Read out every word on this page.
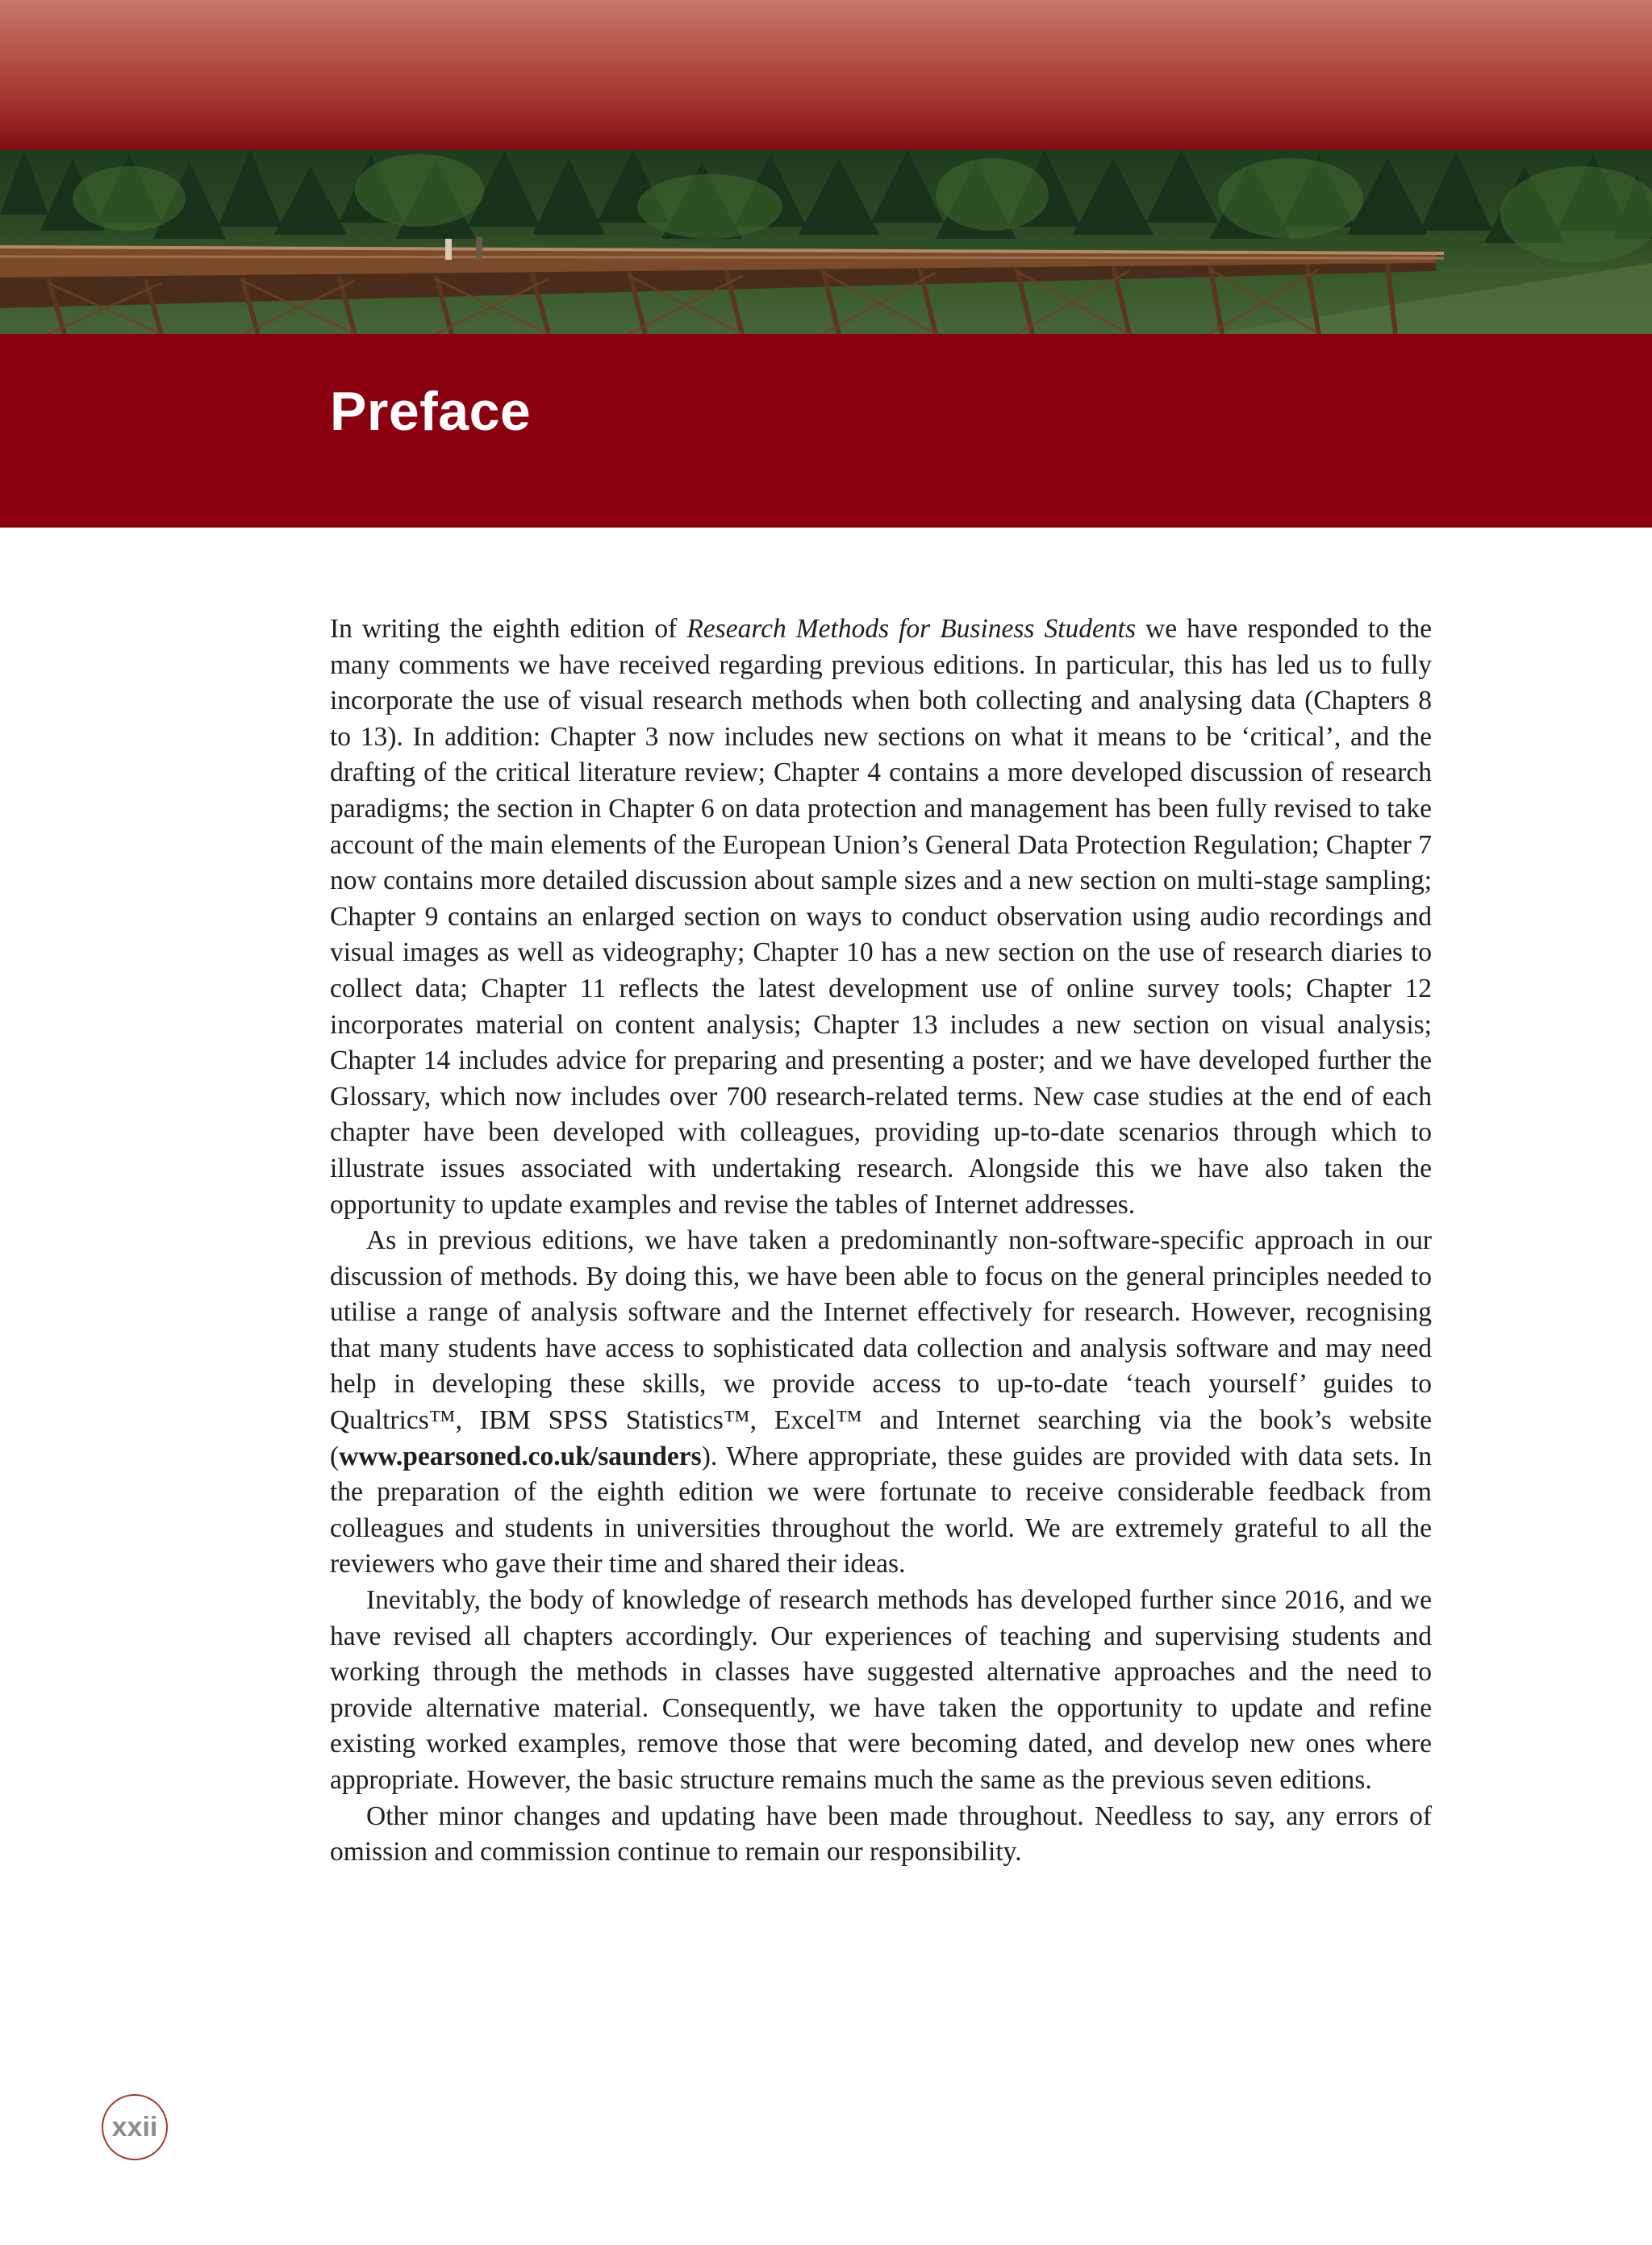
Preface

In writing the eighth edition of Research Methods for Business Students we have responded to the many comments we have received regarding previous editions. In particular, this has led us to fully incorporate the use of visual research methods when both collecting and analysing data (Chapters 8 to 13). In addition: Chapter 3 now includes new sections on what it means to be ‘critical’, and the drafting of the critical literature review; Chapter 4 contains a more developed discussion of research paradigms; the section in Chapter 6 on data protection and management has been fully revised to take account of the main elements of the European Union’s General Data Protection Regulation; Chapter 7 now contains more detailed discussion about sample sizes and a new section on multi-stage sampling; Chapter 9 contains an enlarged section on ways to conduct observation using audio recordings and visual images as well as videography; Chapter 10 has a new section on the use of research diaries to collect data; Chapter 11 reflects the latest development use of online survey tools; Chapter 12 incorporates material on content analysis; Chapter 13 includes a new section on visual analysis; Chapter 14 includes advice for preparing and presenting a poster; and we have developed further the Glossary, which now includes over 700 research-related terms. New case studies at the end of each chapter have been developed with colleagues, providing up-to-date scenarios through which to illustrate issues associated with undertaking research. Alongside this we have also taken the opportunity to update examples and revise the tables of Internet addresses.

As in previous editions, we have taken a predominantly non-software-specific approach in our discussion of methods. By doing this, we have been able to focus on the general principles needed to utilise a range of analysis software and the Internet effectively for research. However, recognising that many students have access to sophisticated data collection and analysis software and may need help in developing these skills, we provide access to up-to-date ‘teach yourself’ guides to Qualtrics™, IBM SPSS Statistics™, Excel™ and Internet searching via the book’s website (www.pearsoned.co.uk/saunders). Where appropriate, these guides are provided with data sets. In the preparation of the eighth edition we were fortunate to receive considerable feedback from colleagues and students in universities throughout the world. We are extremely grateful to all the reviewers who gave their time and shared their ideas.

Inevitably, the body of knowledge of research methods has developed further since 2016, and we have revised all chapters accordingly. Our experiences of teaching and supervising students and working through the methods in classes have suggested alternative approaches and the need to provide alternative material. Consequently, we have taken the opportunity to update and refine existing worked examples, remove those that were becoming dated, and develop new ones where appropriate. However, the basic structure remains much the same as the previous seven editions.

Other minor changes and updating have been made throughout. Needless to say, any errors of omission and commission continue to remain our responsibility.

xxii
